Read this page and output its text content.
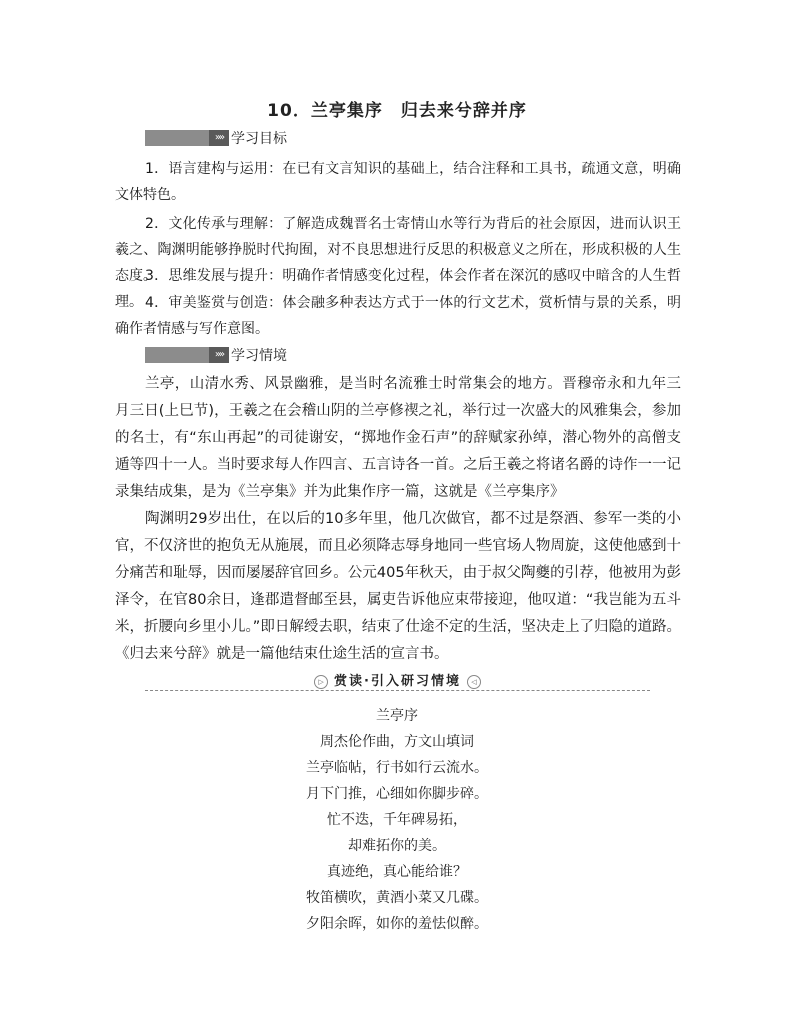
10．兰亭集序　归去来兮辞并序
»» 学习目标

1．语言建构与运用：在已有文言知识的基础上，结合注释和工具书，疏通文意，明确文体特色。

2．文化传承与理解：了解造成魏晋名士寄情山水等行为背后的社会原因，进而认识王羲之、陶渊明能够挣脱时代拘囿，对不良思想进行反思的积极意义之所在，形成积极的人生态度。

3．思维发展与提升：明确作者情感变化过程，体会作者在深沉的感叹中暗含的人生哲理。 4．审美鉴赏与创造：体会融多种表达方式于一体的行文艺术，赏析情与景的关系，明确作者情感与写作意图。

»» 学习情境

兰亭，山清水秀、风景幽雅，是当时名流雅士时常集会的地方。晋穆帝永和九年三月三日(上巳节)，王羲之在会稽山阴的兰亭修禊之礼，举行过一次盛大的风雅集会，参加的名士，有“东山再起”的司徒谢安，“掷地作金石声”的辞赋家孙绰，潜心物外的高僧支遁等四十一人。当时要求每人作四言、五言诗各一首。之后王羲之将诸名爵的诗作一一记录集结成集，是为《兰亭集》并为此集作序一篇，这就是《兰亭集序》

陶渊明29岁出仕，在以后的10多年里，他几次做官，都不过是祭酒、参军一类的小官，不仅济世的抱负无从施展，而且必须降志辱身地同一些官场人物周旋，这使他感到十分痛苦和耻辱，因而屡屡辞官回乡。公元405年秋天，由于叔父陶夔的引荐，他被用为彭泽令，在官80余日，逢郡遣督邮至县，属吏告诉他应束带接迎，他叹道：“我岂能为五斗米，折腰向乡里小儿。”即日解绶去职，结束了仕途不定的生活，坚决走上了归隐的道路。《归去来兮辞》就是一篇他结束仕途生活的宣言书。

▷ 赏读·引入研习情境 ◁
兰亭序
周杰伦作曲，方文山填词
兰亭临帖，行书如行云流水。
月下门推，心细如你脚步碎。
忙不迭，千年碑易拓，
却难拓你的美。
真迹绝，真心能给谁？
牧笛横吹，黄酒小菜又几碟。
夕阳余晖，如你的羞怯似醉。
